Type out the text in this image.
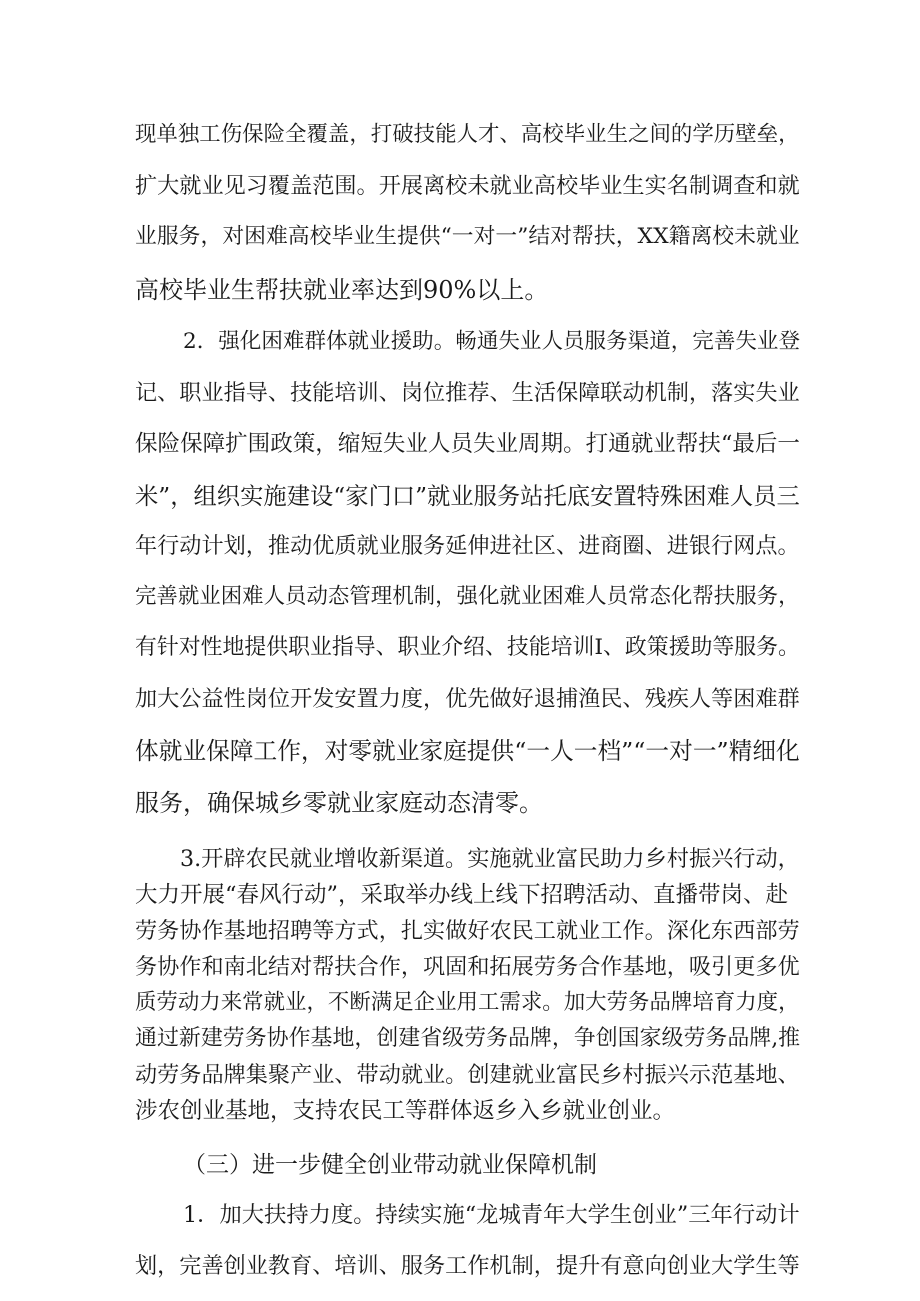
现单独工伤保险全覆盖，打破技能人才、高校毕业生之间的学历壁垒，

扩大就业见习覆盖范围。开展离校未就业高校毕业生实名制调查和就

业服务，对困难高校毕业生提供“一对一”结对帮扶，XX籍离校未就业

高校毕业生帮扶就业率达到90%以上。

2．强化困难群体就业援助。畅通失业人员服务渠道，完善失业登

记、职业指导、技能培训、岗位推荐、生活保障联动机制，落实失业

保险保障扩围政策，缩短失业人员失业周期。打通就业帮扶“最后一

米”，组织实施建设“家门口”就业服务站托底安置特殊困难人员三

年行动计划，推动优质就业服务延伸进社区、进商圈、进银行网点。

完善就业困难人员动态管理机制，强化就业困难人员常态化帮扶服务，

有针对性地提供职业指导、职业介绍、技能培训I、政策援助等服务。

加大公益性岗位开发安置力度，优先做好退捕渔民、残疾人等困难群

体就业保障工作，对零就业家庭提供“一人一档”“一对一”精细化

服务，确保城乡零就业家庭动态清零。

3.开辟农民就业增收新渠道。实施就业富民助力乡村振兴行动，

大力开展“春风行动”，采取举办线上线下招聘活动、直播带岗、赴

劳务协作基地招聘等方式，扎实做好农民工就业工作。深化东西部劳

务协作和南北结对帮扶合作，巩固和拓展劳务合作基地，吸引更多优

质劳动力来常就业，不断满足企业用工需求。加大劳务品牌培育力度，

通过新建劳务协作基地，创建省级劳务品牌，争创国家级劳务品牌,推

动劳务品牌集聚产业、带动就业。创建就业富民乡村振兴示范基地、

涉农创业基地，支持农民工等群体返乡入乡就业创业。

（三）进一步健全创业带动就业保障机制

1．加大扶持力度。持续实施“龙城青年大学生创业”三年行动计

划，完善创业教育、培训、服务工作机制，提升有意向创业大学生等
